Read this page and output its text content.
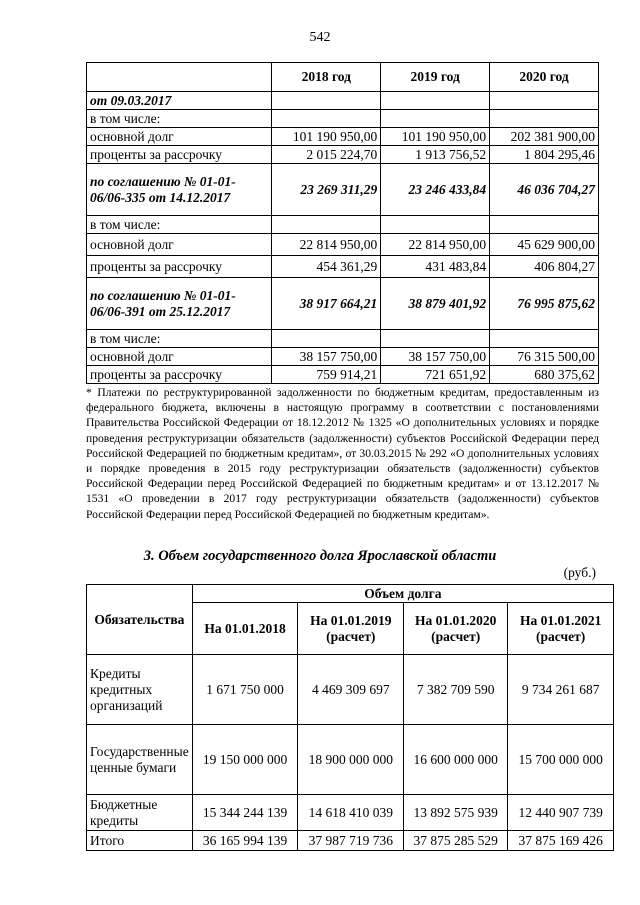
542
	2018 год	2019 год	2020 год
от 09.03.2017			
в том числе:			
основной долг	101 190 950,00	101 190 950,00	202 381 900,00
проценты за рассрочку	2 015 224,70	1 913 756,52	1 804 295,46
по соглашению № 01-01-06/06-335 от 14.12.2017	23 269 311,29	23 246 433,84	46 036 704,27
в том числе:			
основной долг	22 814 950,00	22 814 950,00	45 629 900,00
проценты за рассрочку	454 361,29	431 483,84	406 804,27
по соглашению № 01-01-06/06-391 от 25.12.2017	38 917 664,21	38 879 401,92	76 995 875,62
в том числе:			
основной долг	38 157 750,00	38 157 750,00	76 315 500,00
проценты за рассрочку	759 914,21	721 651,92	680 375,62
* Платежи по реструктурированной задолженности по бюджетным кредитам, предоставленным из федерального бюджета, включены в настоящую программу в соответствии с постановлениями Правительства Российской Федерации от 18.12.2012 № 1325 «О дополнительных условиях и порядке проведения реструктуризации обязательств (задолженности) субъектов Российской Федерации перед Российской Федерацией по бюджетным кредитам», от 30.03.2015 № 292 «О дополнительных условиях и порядке проведения в 2015 году реструктуризации обязательств (задолженности) субъектов Российской Федерации перед Российской Федерацией по бюджетным кредитам» и от 13.12.2017 № 1531 «О проведении в 2017 году реструктуризации обязательств (задолженности) субъектов Российской Федерации перед Российской Федерацией по бюджетным кредитам».
3. Объем государственного долга Ярославской области
(руб.)
Обязательства	Объем долга			
	На 01.01.2018	На 01.01.2019 (расчет)	На 01.01.2020 (расчет)	На 01.01.2021 (расчет)
Кредиты кредитных организаций	1 671 750 000	4 469 309 697	7 382 709 590	9 734 261 687
Государственные ценные бумаги	19 150 000 000	18 900 000 000	16 600 000 000	15 700 000 000
Бюджетные кредиты	15 344 244 139	14 618 410 039	13 892 575 939	12 440 907 739
Итого	36 165 994 139	37 987 719 736	37 875 285 529	37 875 169 426
